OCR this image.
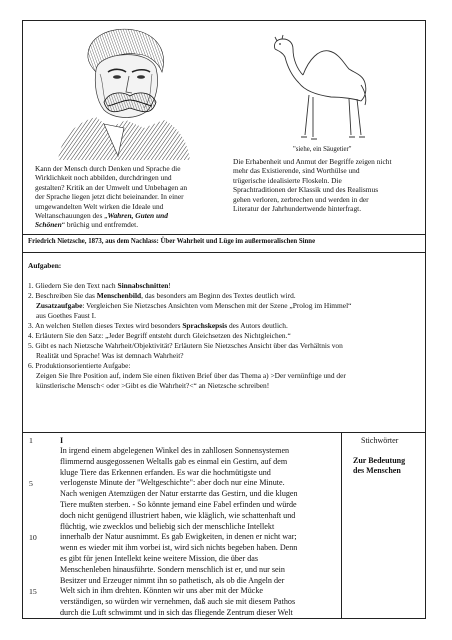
"siehe, ein Säugetier"
Kann der Mensch durch Denken und Sprache die
Wirklichkeit noch abbilden, durchdringen und
gestalten? Kritik an der Umwelt und Unbehagen an
der Sprache liegen jetzt dicht beieinander. In einer
umgewandelten Welt wirken die Ideale und
Weltanschauungen des „Wahren, Guten und
Schönen“ brüchig und entfremdet.
Die Erhabenheit und Anmut der Begriffe zeigen nicht
mehr das Existierende, sind Worthülse und
trügerische idealisierte Floskeln. Die
Sprachtraditionen der Klassik und des Realismus
gehen verloren, zerbrechen und werden in der
Literatur der Jahrhundertwende hinterfragt.
Friedrich Nietzsche, 1873, aus dem Nachlass: Über Wahrheit und Lüge im außermoralischen Sinne
Aufgaben:
1. Gliedern Sie den Text nach Sinnabschnitten!
2. Beschreiben Sie das Menschenbild, das besonders am Beginn des Textes deutlich wird.
Zusatzaufgabe: Vergleichen Sie Nietzsches Ansichten vom Menschen mit der Szene „Prolog im Himmel“
aus Goethes Faust I.
3. An welchen Stellen dieses Textes wird besonders Sprachskepsis des Autors deutlich.
4. Erläutern Sie den Satz: „Jeder Begriff entsteht durch Gleichsetzen des Nichtgleichen.“
5. Gibt es nach Nietzsche Wahrheit/Objektivität? Erläutern Sie Nietzsches Ansicht über das Verhältnis von
Realität und Sprache! Was ist demnach Wahrheit?
6. Produktionsorientierte Aufgabe:
Zeigen Sie Ihre Position auf, indem Sie einen fiktiven Brief über das Thema a) >Der vernünftige und der
künstlerische Mensch< oder >Gibt es die Wahrheit?<“ an Nietzsche schreiben!
1
5
10
15
I
In irgend einem abgelegenen Winkel des in zahllosen Sonnensystemen
flimmernd ausgegossenen Weltalls gab es einmal ein Gestirn, auf dem
kluge Tiere das Erkennen erfanden. Es war die hochmütigste und
verlogenste Minute der "Weltgeschichte": aber doch nur eine Minute.
Nach wenigen Atemzügen der Natur erstarrte das Gestirn, und die klugen
Tiere mußten sterben. - So könnte jemand eine Fabel erfinden und würde
doch nicht genügend illustriert haben, wie kläglich, wie schattenhaft und
flüchtig, wie zwecklos und beliebig sich der menschliche Intellekt
innerhalb der Natur ausnimmt. Es gab Ewigkeiten, in denen er nicht war;
wenn es wieder mit ihm vorbei ist, wird sich nichts begeben haben. Denn
es gibt für jenen Intellekt keine weitere Mission, die über das
Menschenleben hinausführte. Sondern menschlich ist er, und nur sein
Besitzer und Erzeuger nimmt ihn so pathetisch, als ob die Angeln der
Welt sich in ihm drehten. Könnten wir uns aber mit der Mücke
verständigen, so würden wir vernehmen, daß auch sie mit diesem Pathos
durch die Luft schwimmt und in sich das fliegende Zentrum dieser Welt
Stichwörter
Zur Bedeutung
des Menschen
